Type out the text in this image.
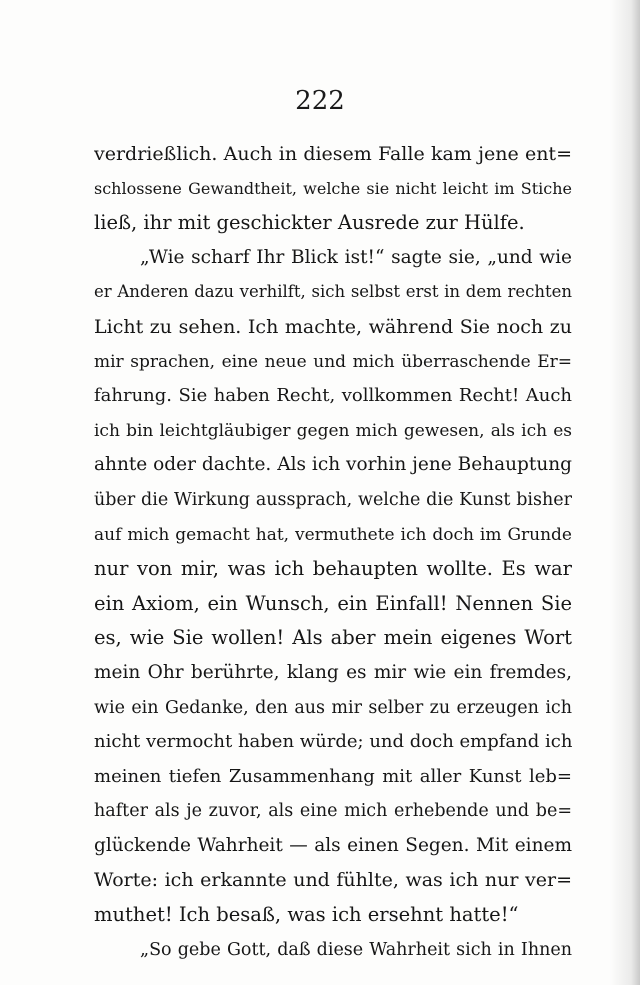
222
verdrießlich. Auch in diesem Falle kam jene ent=
schlossene Gewandtheit, welche sie nicht leicht im Stiche
ließ, ihr mit geschickter Ausrede zur Hülfe.
„Wie scharf Ihr Blick ist!“ sagte sie, „und wie
er Anderen dazu verhilft, sich selbst erst in dem rechten
Licht zu sehen. Ich machte, während Sie noch zu
mir sprachen, eine neue und mich überraschende Er=
fahrung. Sie haben Recht, vollkommen Recht! Auch
ich bin leichtgläubiger gegen mich gewesen, als ich es
ahnte oder dachte. Als ich vorhin jene Behauptung
über die Wirkung aussprach, welche die Kunst bisher
auf mich gemacht hat, vermuthete ich doch im Grunde
nur von mir, was ich behaupten wollte. Es war
ein Axiom, ein Wunsch, ein Einfall! Nennen Sie
es, wie Sie wollen! Als aber mein eigenes Wort
mein Ohr berührte, klang es mir wie ein fremdes,
wie ein Gedanke, den aus mir selber zu erzeugen ich
nicht vermocht haben würde; und doch empfand ich
meinen tiefen Zusammenhang mit aller Kunst leb=
hafter als je zuvor, als eine mich erhebende und be=
glückende Wahrheit — als einen Segen. Mit einem
Worte: ich erkannte und fühlte, was ich nur ver=
muthet! Ich besaß, was ich ersehnt hatte!“
„So gebe Gott, daß diese Wahrheit sich in Ihnen
